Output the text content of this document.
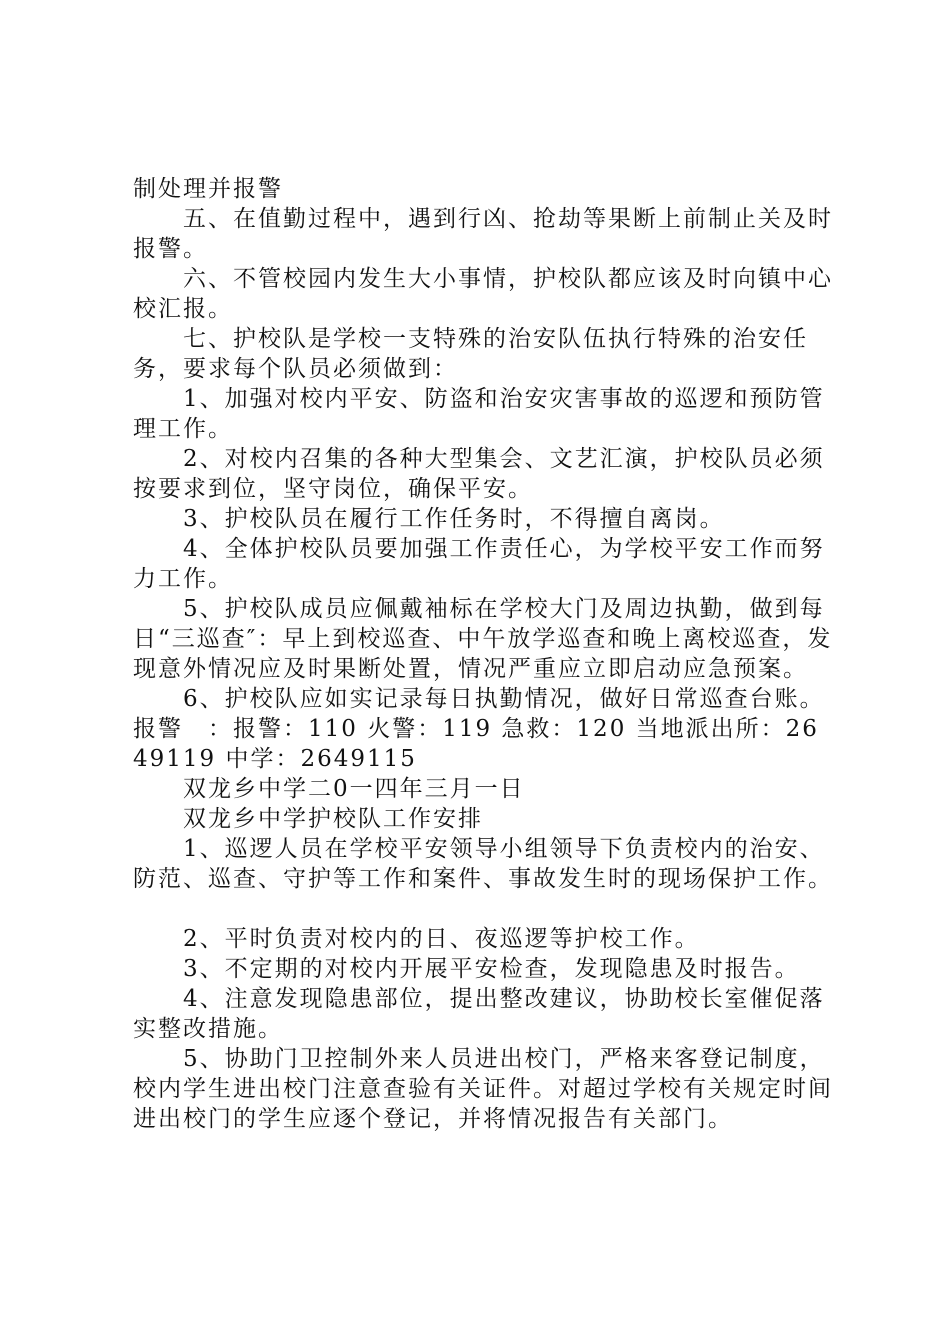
制处理并报警

五、在值勤过程中，遇到行凶、抢劫等果断上前制止关及时报警。

六、不管校园内发生大小事情，护校队都应该及时向镇中心校汇报。

七、护校队是学校一支特殊的治安队伍执行特殊的治安任务，要求每个队员必须做到：

1、加强对校内平安、防盗和治安灾害事故的巡逻和预防管理工作。

2、对校内召集的各种大型集会、文艺汇演，护校队员必须按要求到位，坚守岗位，确保平安。

3、护校队员在履行工作任务时，不得擅自离岗。

4、全体护校队员要加强工作责任心，为学校平安工作而努力工作。

5、护校队成员应佩戴袖标在学校大门及周边执勤，做到每日“三巡查″：早上到校巡查、中午放学巡查和晚上离校巡查，发现意外情况应及时果断处置，情况严重应立即启动应急预案。

6、护校队应如实记录每日执勤情况，做好日常巡查台账。

报警　：报警：110 火警：119 急救：120 当地派出所：2649119 中学：2649115

双龙乡中学二0一四年三月一日

双龙乡中学护校队工作安排

1、巡逻人员在学校平安领导小组领导下负责校内的治安、防范、巡查、守护等工作和案件、事故发生时的现场保护工作。

2、平时负责对校内的日、夜巡逻等护校工作。

3、不定期的对校内开展平安检查，发现隐患及时报告。

4、注意发现隐患部位，提出整改建议，协助校长室催促落实整改措施。

5、协助门卫控制外来人员进出校门，严格来客登记制度，校内学生进出校门注意查验有关证件。对超过学校有关规定时间进出校门的学生应逐个登记，并将情况报告有关部门。
